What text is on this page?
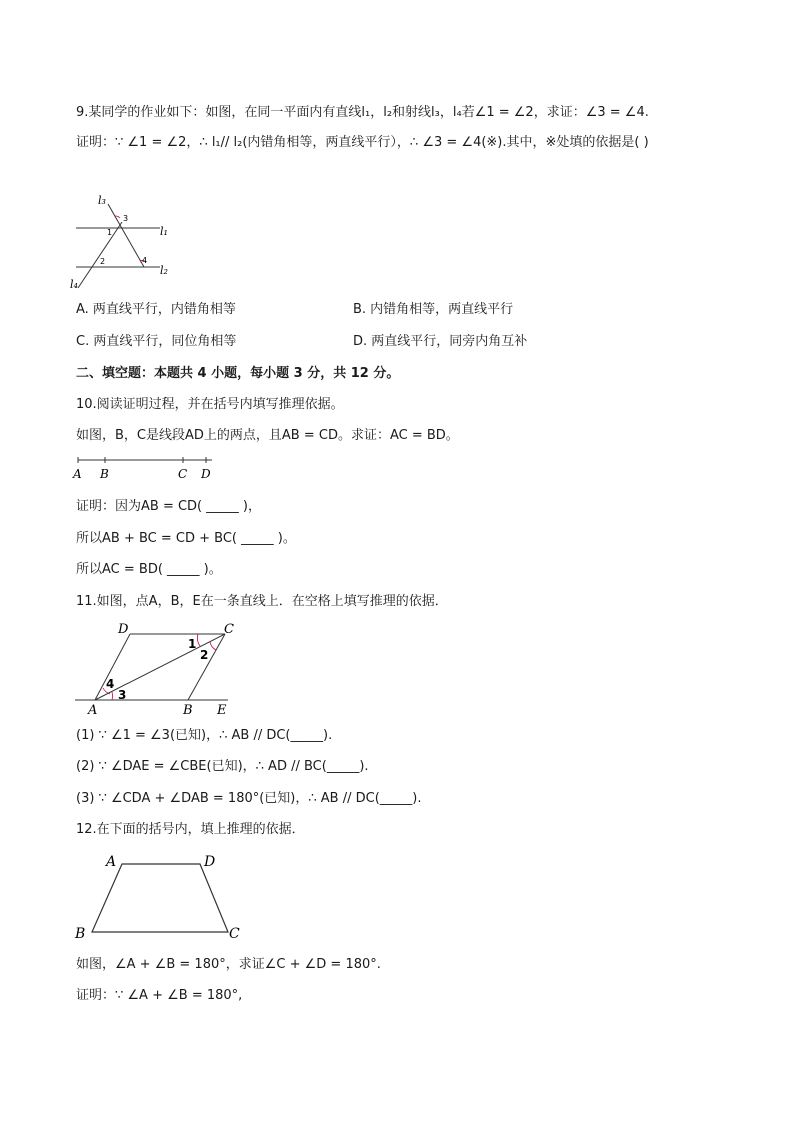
9.某同学的作业如下：如图，在同一平面内有直线l₁，l₂和射线l₃，l₄若∠1 = ∠2，求证：∠3 = ∠4.
证明：∵ ∠1 = ∠2，∴ l₁// l₂(内错角相等，两直线平行），∴ ∠3 = ∠4(※).其中，※处填的依据是( )
l₃
l₁
l₂
l₄
3
1
2	4
A. 两直线平行，内错角相等	B. 内错角相等，两直线平行
C. 两直线平行，同位角相等	D. 两直线平行，同旁内角互补
二、填空题：本题共 4 小题，每小题 3 分，共 12 分。
10.阅读证明过程，并在括号内填写推理依据。
如图，B，C是线段AD上的两点，且AB = CD。求证：AC = BD。
A B	C D
证明：因为AB = CD( _____ )，
所以AB + BC = CD + BC( _____ )。
所以AC = BD( _____ )。
11.如图，点A，B，E在一条直线上．在空格上填写推理的依据．
D	C
A	B E
1
2
4
3
(1) ∵ ∠1 = ∠3(已知)，∴ AB // DC(_____).
(2) ∵ ∠DAE = ∠CBE(已知)，∴ AD // BC(_____).
(3) ∵ ∠CDA + ∠DAB = 180°(已知)，∴ AB // DC(_____).
12.在下面的括号内，填上推理的依据．
A	D
B	C
如图，∠A + ∠B = 180°，求证∠C + ∠D = 180°.
证明：∵ ∠A + ∠B = 180°,
